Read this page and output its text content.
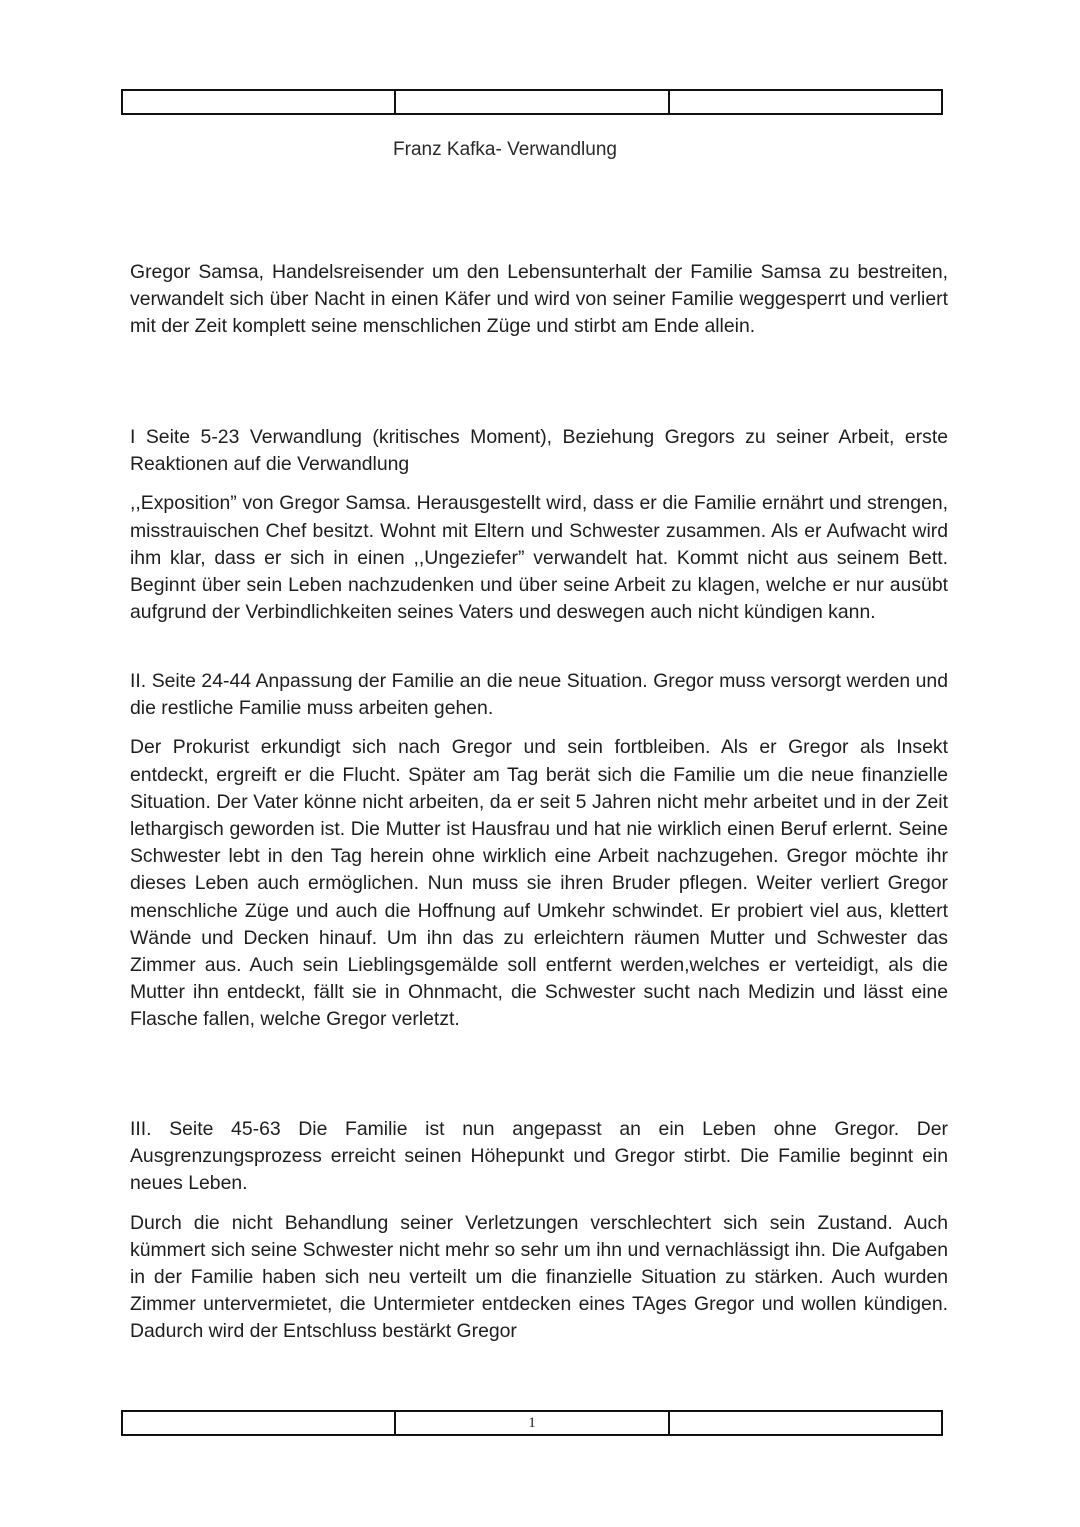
Franz Kafka- Verwandlung

Gregor Samsa, Handelsreisender um den Lebensunterhalt der Familie Samsa zu bestreiten, verwandelt sich über Nacht in einen Käfer und wird von seiner Familie weggesperrt und verliert mit der Zeit komplett seine menschlichen Züge und stirbt am Ende allein.

I Seite 5-23 Verwandlung (kritisches Moment), Beziehung Gregors zu seiner Arbeit, erste Reaktionen auf die Verwandlung

,,Exposition” von Gregor Samsa. Herausgestellt wird, dass er die Familie ernährt und strengen, misstrauischen Chef besitzt. Wohnt mit Eltern und Schwester zusammen. Als er Aufwacht wird ihm klar, dass er sich in einen ,,Ungeziefer” verwandelt hat. Kommt nicht aus seinem Bett. Beginnt über sein Leben nachzudenken und über seine Arbeit zu klagen, welche er nur ausübt aufgrund der Verbindlichkeiten seines Vaters und deswegen auch nicht kündigen kann.

II. Seite 24-44 Anpassung der Familie an die neue Situation. Gregor muss versorgt werden und die restliche Familie muss arbeiten gehen.

Der Prokurist erkundigt sich nach Gregor und sein fortbleiben. Als er Gregor als Insekt entdeckt, ergreift er die Flucht. Später am Tag berät sich die Familie um die neue finanzielle Situation. Der Vater könne nicht arbeiten, da er seit 5 Jahren nicht mehr arbeitet und in der Zeit lethargisch geworden ist. Die Mutter ist Hausfrau und hat nie wirklich einen Beruf erlernt. Seine Schwester lebt in den Tag herein ohne wirklich eine Arbeit nachzugehen. Gregor möchte ihr dieses Leben auch ermöglichen. Nun muss sie ihren Bruder pflegen. Weiter verliert Gregor menschliche Züge und auch die Hoffnung auf Umkehr schwindet. Er probiert viel aus, klettert Wände und Decken hinauf. Um ihn das zu erleichtern räumen Mutter und Schwester das Zimmer aus. Auch sein Lieblingsgemälde soll entfernt werden,welches er verteidigt, als die Mutter ihn entdeckt, fällt sie in Ohnmacht, die Schwester sucht nach Medizin und lässt eine Flasche fallen, welche Gregor verletzt.

III. Seite 45-63 Die Familie ist nun angepasst an ein Leben ohne Gregor. Der Ausgrenzungsprozess erreicht seinen Höhepunkt und Gregor stirbt. Die Familie beginnt ein neues Leben.

Durch die nicht Behandlung seiner Verletzungen verschlechtert sich sein Zustand. Auch kümmert sich seine Schwester nicht mehr so sehr um ihn und vernachlässigt ihn. Die Aufgaben in der Familie haben sich neu verteilt um die finanzielle Situation zu stärken. Auch wurden Zimmer untervermietet, die Untermieter entdecken eines TAges Gregor und wollen kündigen. Dadurch wird der Entschluss bestärkt Gregor

1
